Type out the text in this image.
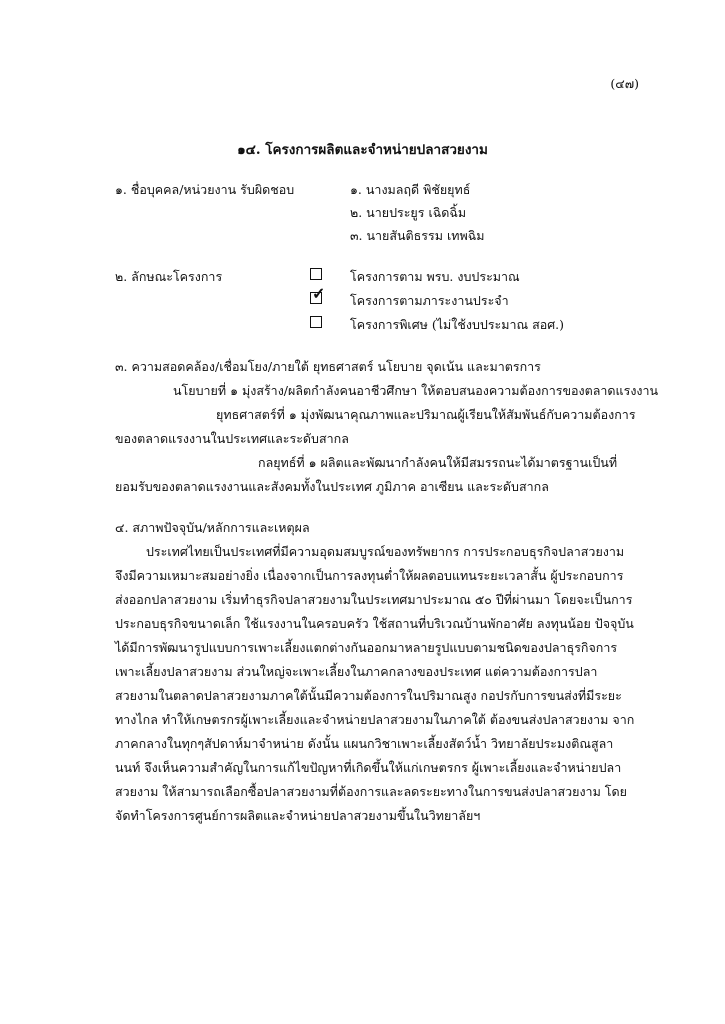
(๔๗)
๑๔. โครงการผลิตและจำหน่ายปลาสวยงาม
๑. ชื่อบุคคล/หน่วยงาน รับผิดชอบ	๑. นางมลฤดี พิชัยยุทธ์
๒. นายประยูร เฉิดฉิ้ม
๓. นายสันติธรรม เทพฉิม
๒. ลักษณะโครงการ	โครงการตาม พรบ. งบประมาณ
✓ โครงการตามภาระงานประจำ
โครงการพิเศษ (ไม่ใช้งบประมาณ สอศ.)
๓. ความสอดคล้อง/เชื่อมโยง/ภายใต้ ยุทธศาสตร์ นโยบาย จุดเน้น และมาตรการ
นโยบายที่ ๑ มุ่งสร้าง/ผลิตกำลังคนอาชีวศึกษา ให้ตอบสนองความต้องการของตลาดแรงงาน
ยุทธศาสตร์ที่ ๑ มุ่งพัฒนาคุณภาพและปริมาณผู้เรียนให้สัมพันธ์กับความต้องการ
ของตลาดแรงงานในประเทศและระดับสากล
กลยุทธ์ที่ ๑ ผลิตและพัฒนากำลังคนให้มีสมรรถนะได้มาตรฐานเป็นที่
ยอมรับของตลาดแรงงานและสังคมทั้งในประเทศ ภูมิภาค อาเซียน และระดับสากล
๔. สภาพปัจจุบัน/หลักการและเหตุผล
ประเทศไทยเป็นประเทศที่มีความอุดมสมบูรณ์ของทรัพยากร การประกอบธุรกิจปลาสวยงาม
จึงมีความเหมาะสมอย่างยิ่ง เนื่องจากเป็นการลงทุนต่ำให้ผลตอบแทนระยะเวลาสั้น ผู้ประกอบการ
ส่งออกปลาสวยงาม เริ่มทำธุรกิจปลาสวยงามในประเทศมาประมาณ ๕๐ ปีที่ผ่านมา โดยจะเป็นการ
ประกอบธุรกิจขนาดเล็ก ใช้แรงงานในครอบครัว ใช้สถานที่บริเวณบ้านพักอาศัย ลงทุนน้อย ปัจจุบัน
ได้มีการพัฒนารูปแบบการเพาะเลี้ยงแตกต่างกันออกมาหลายรูปแบบตามชนิดของปลาธุรกิจการ
เพาะเลี้ยงปลาสวยงาม ส่วนใหญ่จะเพาะเลี้ยงในภาคกลางของประเทศ แต่ความต้องการปลา
สวยงามในตลาดปลาสวยงามภาคใต้นั้นมีความต้องการในปริมาณสูง กอปรกับการขนส่งที่มีระยะ
ทางไกล ทำให้เกษตรกรผู้เพาะเลี้ยงและจำหน่ายปลาสวยงามในภาคใต้ ต้องขนส่งปลาสวยงาม จาก
ภาคกลางในทุกๆสัปดาห์มาจำหน่าย ดังนั้น แผนกวิชาเพาะเลี้ยงสัตว์น้ำ วิทยาลัยประมงติณสูลา
นนท์ จึงเห็นความสำคัญในการแก้ไขปัญหาที่เกิดขึ้นให้แก่เกษตรกร ผู้เพาะเลี้ยงและจำหน่ายปลา
สวยงาม ให้สามารถเลือกซื้อปลาสวยงามที่ต้องการและลดระยะทางในการขนส่งปลาสวยงาม โดย
จัดทำโครงการศูนย์การผลิตและจำหน่ายปลาสวยงามขึ้นในวิทยาลัยฯ
